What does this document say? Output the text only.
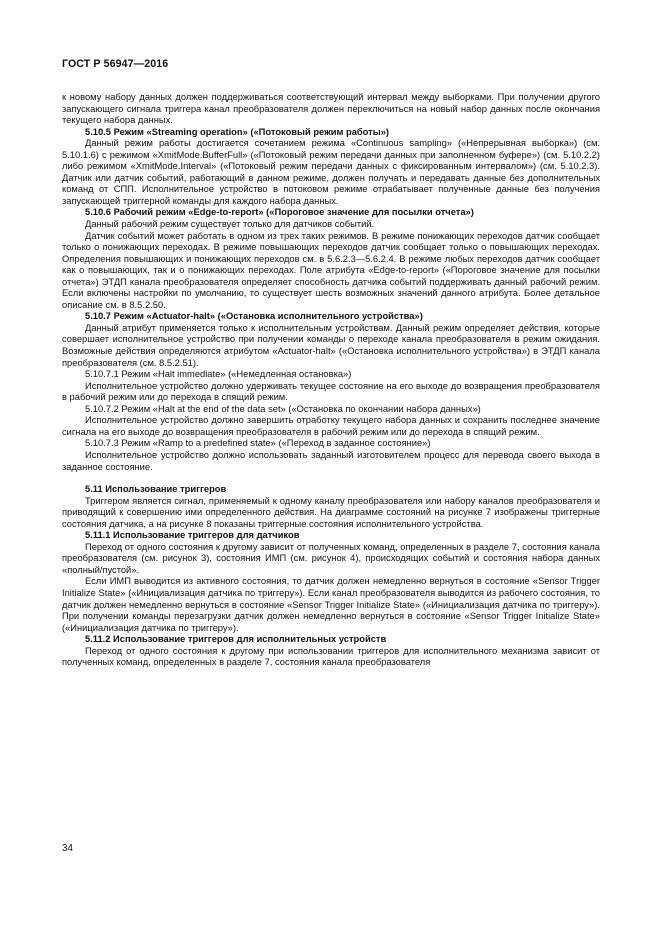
ГОСТ Р 56947—2016

к новому набору данных должен поддерживаться соответствующий интервал между выборками. При получении другого запускающего сигнала триггера канал преобразователя должен переключиться на новый набор данных после окончания текущего набора данных.

5.10.5 Режим «Streaming operation» («Потоковый режим работы»)

Данный режим работы достигается сочетанием режима «Continuous sampling» («Непрерывная выборка») (см. 5.10.1.6) с режимом «XmitMode.BufferFull» («Потоковый режим передачи данных при заполненном буфере») (см. 5.10.2.2) либо режимом «XmitMode.Interval» («Потоковый режим передачи данных с фиксированным интервалом») (см. 5.10.2.3). Датчик или датчик событий, работающий в данном режиме, должен получать и передавать данные без дополнительных команд от СПП. Исполнительное устройство в потоковом режиме отрабатывает полученные данные без получения запускающей триггерной команды для каждого набора данных.

5.10.6 Рабочий режим «Edge-to-report» («Пороговое значение для посылки отчета»)

Данный рабочий режим существует только для датчиков событий.

Датчик событий может работать в одном из трех таких режимов. В режиме понижающих переходов датчик сообщает только о понижающих переходах. В режиме повышающих переходов датчик сообщает только о повышающих переходах. Определения повышающих и понижающих переходов см. в 5.6.2.3—5.6.2.4. В режиме любых переходов датчик сообщает как о повышающих, так и о понижающих переходах. Поле атрибута «Edge-to-report» («Пороговое значение для посылки отчета») ЭТДП канала преобразователя определяет способность датчика событий поддерживать данный рабочий режим. Если включены настройки по умолчанию, то существует шесть возможных значений данного атрибута. Более детальное описание см. в 8.5.2.50.

5.10.7 Режим «Actuator-halt» («Остановка исполнительного устройства»)

Данный атрибут применяется только к исполнительным устройствам. Данный режим определяет действия, которые совершает исполнительное устройство при получении команды о переходе канала преобразователя в режим ожидания. Возможные действия определяются атрибутом «Actuator-halt» («Остановка исполнительного устройства») в ЭТДП канала преобразователя (см. 8.5.2.51).

5.10.7.1 Режим «Halt immediate» («Немедленная остановка»)

Исполнительное устройство должно удерживать текущее состояние на его выходе до возвращения преобразователя в рабочий режим или до перехода в спящий режим.

5.10.7.2 Режим «Halt at the end of the data set» («Остановка по окончании набора данных»)

Исполнительное устройство должно завершить отработку текущего набора данных и сохранить последнее значение сигнала на его выходе до возвращения преобразователя в рабочий режим или до перехода в спящий режим.

5.10.7.3 Режим «Ramp to a predefined state» («Переход в заданное состояние»)

Исполнительное устройство должно использовать заданный изготовителем процесс для перевода своего выхода в заданное состояние.

5.11 Использование триггеров

Триггером является сигнал, применяемый к одному каналу преобразователя или набору каналов преобразователя и приводящий к совершению ими определенного действия. На диаграмме состояний на рисунке 7 изображены триггерные состояния датчика, а на рисунке 8 показаны триггерные состояния исполнительного устройства.

5.11.1 Использование триггеров для датчиков

Переход от одного состояния к другому зависит от полученных команд, определенных в разделе 7, состояния канала преобразователя (см. рисунок 3), состояния ИМП (см. рисунок 4), происходящих событий и состояния набора данных «полный/пустой».

Если ИМП выводится из активного состояния, то датчик должен немедленно вернуться в состояние «Sensor Trigger Initialize State» («Инициализация датчика по триггеру»). Если канал преобразователя выводится из рабочего состояния, то датчик должен немедленно вернуться в состояние «Sensor Trigger Initialize State» («Инициализация датчика по триггеру»). При получении команды перезагрузки датчик должен немедленно вернуться в состояние «Sensor Trigger Initialize State» («Инициализация датчика по триггеру»).

5.11.2 Использование триггеров для исполнительных устройств

Переход от одного состояния к другому при использовании триггеров для исполнительного механизма зависит от полученных команд, определенных в разделе 7, состояния канала преобразователя

34
